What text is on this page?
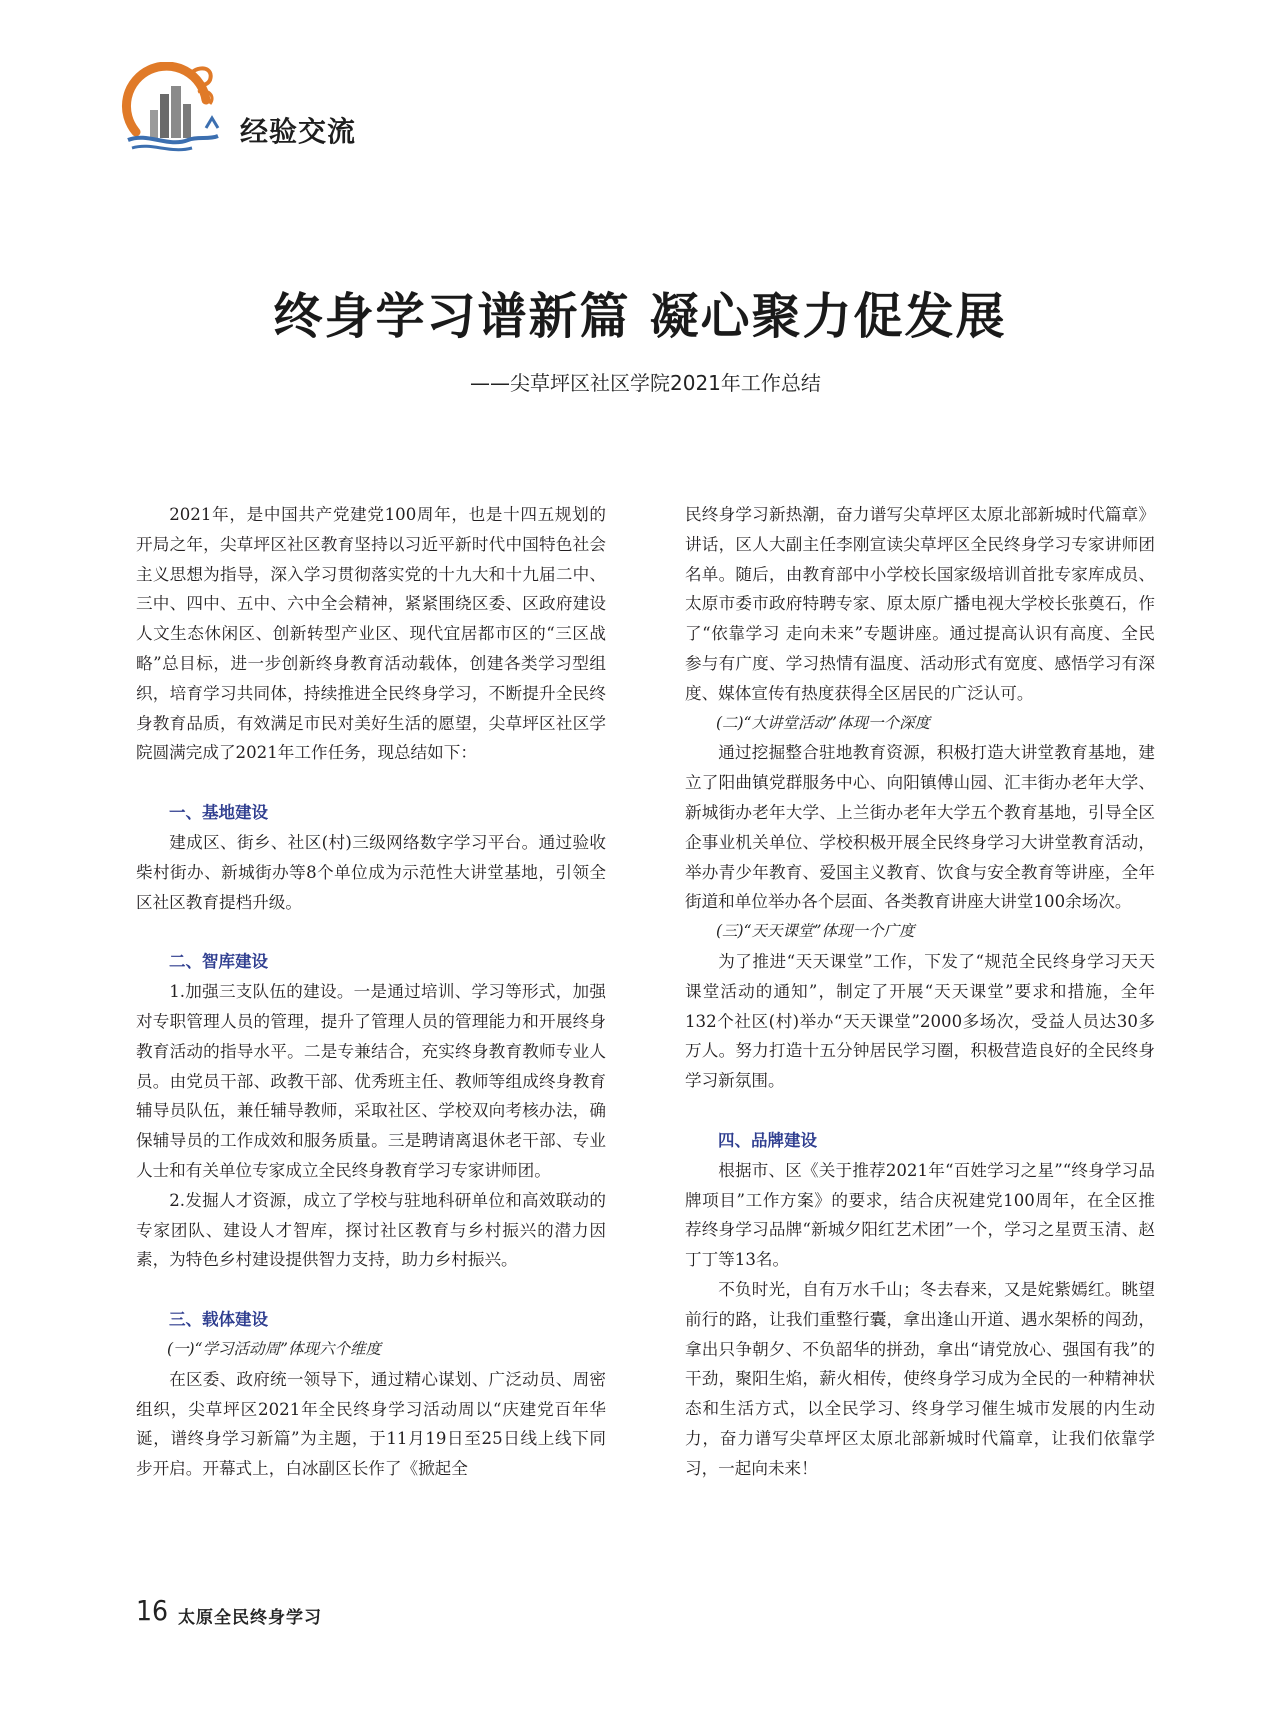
经验交流
终身学习谱新篇 凝心聚力促发展

——尖草坪区社区学院2021年工作总结

2021年，是中国共产党建党100周年，也是十四五规划的开局之年，尖草坪区社区教育坚持以习近平新时代中国特色社会主义思想为指导，深入学习贯彻落实党的十九大和十九届二中、三中、四中、五中、六中全会精神，紧紧围绕区委、区政府建设人文生态休闲区、创新转型产业区、现代宜居都市区的“三区战略”总目标，进一步创新终身教育活动载体，创建各类学习型组织，培育学习共同体，持续推进全民终身学习，不断提升全民终身教育品质，有效满足市民对美好生活的愿望，尖草坪区社区学院圆满完成了2021年工作任务，现总结如下：

一、基地建设

建成区、街乡、社区(村)三级网络数字学习平台。通过验收柴村街办、新城街办等8个单位成为示范性大讲堂基地，引领全区社区教育提档升级。

二、智库建设

1.加强三支队伍的建设。一是通过培训、学习等形式，加强对专职管理人员的管理，提升了管理人员的管理能力和开展终身教育活动的指导水平。二是专兼结合，充实终身教育教师专业人员。由党员干部、政教干部、优秀班主任、教师等组成终身教育辅导员队伍，兼任辅导教师，采取社区、学校双向考核办法，确保辅导员的工作成效和服务质量。三是聘请离退休老干部、专业人士和有关单位专家成立全民终身教育学习专家讲师团。

2.发掘人才资源，成立了学校与驻地科研单位和高效联动的专家团队、建设人才智库，探讨社区教育与乡村振兴的潜力因素，为特色乡村建设提供智力支持，助力乡村振兴。

三、载体建设
(一)“学习活动周”体现六个维度

在区委、政府统一领导下，通过精心谋划、广泛动员、周密组织，尖草坪区2021年全民终身学习活动周以“庆建党百年华诞，谱终身学习新篇”为主题，于11月19日至25日线上线下同步开启。开幕式上，白冰副区长作了《掀起全

民终身学习新热潮，奋力谱写尖草坪区太原北部新城时代篇章》讲话，区人大副主任李刚宣读尖草坪区全民终身学习专家讲师团名单。随后，由教育部中小学校长国家级培训首批专家库成员、太原市委市政府特聘专家、原太原广播电视大学校长张奠石，作了“依靠学习 走向未来”专题讲座。通过提高认识有高度、全民参与有广度、学习热情有温度、活动形式有宽度、感悟学习有深度、媒体宣传有热度获得全区居民的广泛认可。

(二)“大讲堂活动”体现一个深度

通过挖掘整合驻地教育资源，积极打造大讲堂教育基地，建立了阳曲镇党群服务中心、向阳镇傅山园、汇丰街办老年大学、新城街办老年大学、上兰街办老年大学五个教育基地，引导全区企事业机关单位、学校积极开展全民终身学习大讲堂教育活动，举办青少年教育、爱国主义教育、饮食与安全教育等讲座，全年街道和单位举办各个层面、各类教育讲座大讲堂100余场次。

(三)“天天课堂”体现一个广度

为了推进“天天课堂”工作，下发了“规范全民终身学习天天课堂活动的通知”，制定了开展“天天课堂”要求和措施，全年132个社区(村)举办“天天课堂”2000多场次，受益人员达30多万人。努力打造十五分钟居民学习圈，积极营造良好的全民终身学习新氛围。

四、品牌建设

根据市、区《关于推荐2021年“百姓学习之星”“终身学习品牌项目”工作方案》的要求，结合庆祝建党100周年，在全区推荐终身学习品牌“新城夕阳红艺术团”一个，学习之星贾玉清、赵丁丁等13名。

不负时光，自有万水千山；冬去春来，又是姹紫嫣红。眺望前行的路，让我们重整行囊，拿出逢山开道、遇水架桥的闯劲，拿出只争朝夕、不负韶华的拼劲，拿出“请党放心、强国有我”的干劲，聚阳生焰，薪火相传，使终身学习成为全民的一种精神状态和生活方式，以全民学习、终身学习催生城市发展的内生动力，奋力谱写尖草坪区太原北部新城时代篇章，让我们依靠学习，一起向未来！

16 太原全民终身学习
